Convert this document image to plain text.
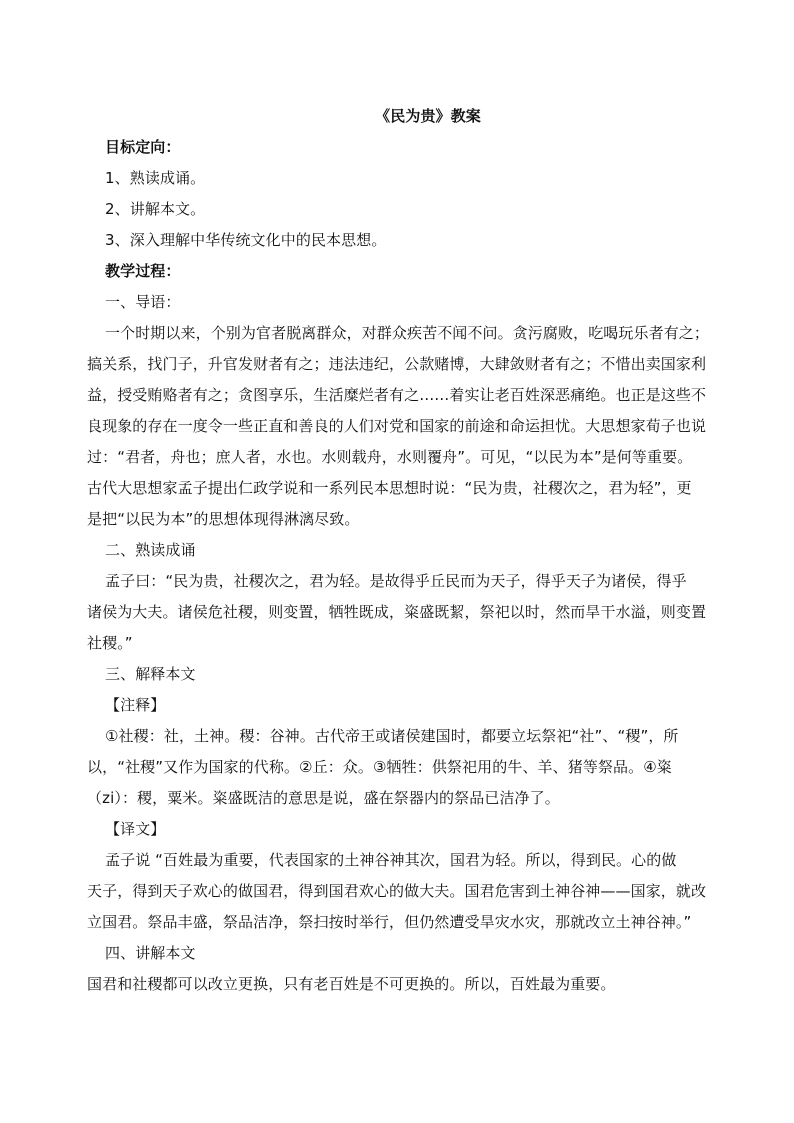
《民为贵》教案
目标定向：
1、熟读成诵。
2、讲解本文。
3、深入理解中华传统文化中的民本思想。
教学过程：
一、导语：
一个时期以来，个别为官者脱离群众，对群众疾苦不闻不问。贪污腐败，吃喝玩乐者有之；
搞关系，找门子，升官发财者有之；违法违纪，公款赌博，大肆敛财者有之；不惜出卖国家利
益，授受贿赂者有之；贪图享乐，生活糜烂者有之……着实让老百姓深恶痛绝。也正是这些不
良现象的存在一度令一些正直和善良的人们对党和国家的前途和命运担忧。大思想家荀子也说
过：“君者，舟也；庶人者，水也。水则载舟，水则覆舟”。可见，“以民为本”是何等重要。
古代大思想家孟子提出仁政学说和一系列民本思想时说：“民为贵，社稷次之，君为轻”，更
是把“以民为本”的思想体现得淋漓尽致。
二、熟读成诵
孟子曰：“民为贵，社稷次之，君为轻。是故得乎丘民而为天子，得乎天子为诸侯，得乎
诸侯为大夫。诸侯危社稷，则变置，牺牲既成，粢盛既絜，祭祀以时，然而旱干水溢，则变置
社稷。”
三、解释本文
【注释】
①社稷：社，土神。稷：谷神。古代帝王或诸侯建国时，都要立坛祭祀“社”、“稷”，所
以，“社稷”又作为国家的代称。②丘：众。③牺牲：供祭祀用的牛、羊、猪等祭品。④粢
（zi）：稷，粟米。粢盛既洁的意思是说，盛在祭器内的祭品已洁净了。
【译文】
孟子说 “百姓最为重要，代表国家的土神谷神其次，国君为轻。所以，得到民。心的做
天子，得到天子欢心的做国君，得到国君欢心的做大夫。国君危害到土神谷神——国家，就改
立国君。祭品丰盛，祭品洁净，祭扫按时举行，但仍然遭受旱灾水灾，那就改立土神谷神。”
四、讲解本文
国君和社稷都可以改立更换，只有老百姓是不可更换的。所以，百姓最为重要。
